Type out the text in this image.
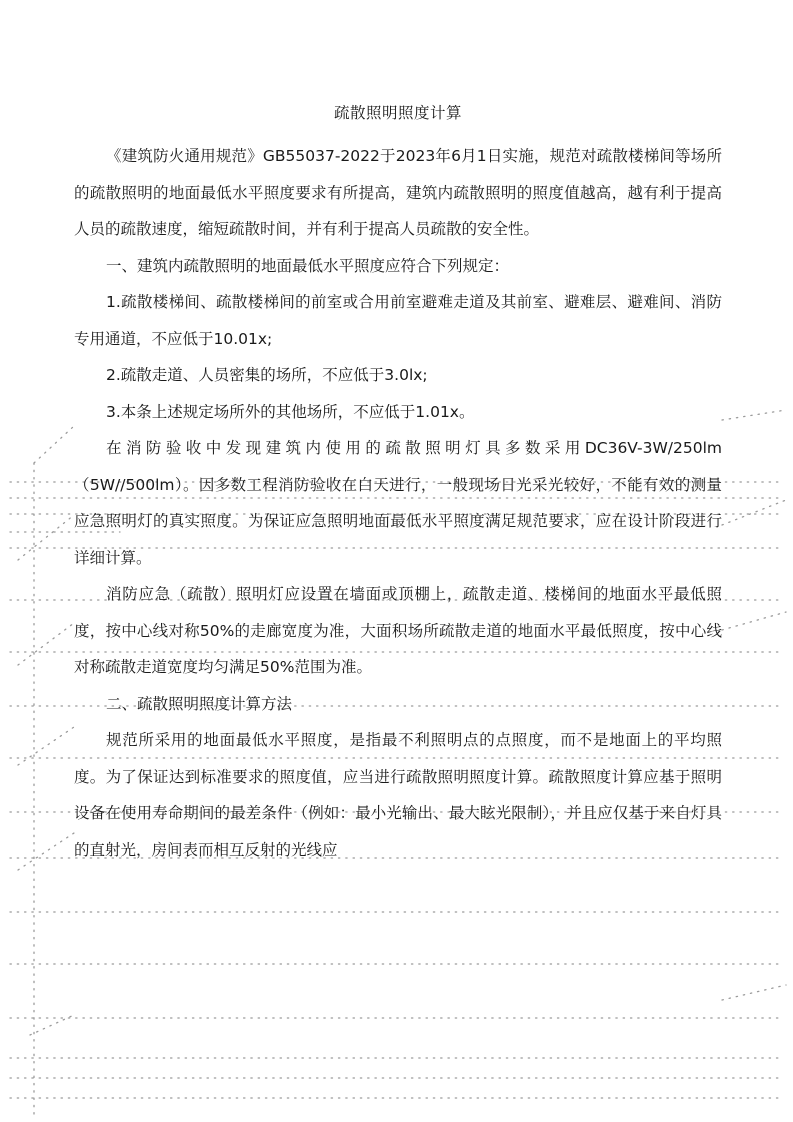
疏散照明照度计算

《建筑防火通用规范》GB55037-2022于2023年6月1日实施，规范对疏散楼梯间等场所的疏散照明的地面最低水平照度要求有所提高，建筑内疏散照明的照度值越高，越有利于提高人员的疏散速度，缩短疏散时间，并有利于提高人员疏散的安全性。

一、建筑内疏散照明的地面最低水平照度应符合下列规定：

1.疏散楼梯间、疏散楼梯间的前室或合用前室避难走道及其前室、避难层、避难间、消防专用通道，不应低于10.01x;

2.疏散走道、人员密集的场所，不应低于3.0lx;

3.本条上述规定场所外的其他场所，不应低于1.01x。

在消防验收中发现建筑内使用的疏散照明灯具多数采用DC36V-3W/250lm（5W//500lm）。因多数工程消防验收在白天进行，一般现场日光采光较好，不能有效的测量应急照明灯的真实照度。为保证应急照明地面最低水平照度满足规范要求，应在设计阶段进行详细计算。

消防应急（疏散）照明灯应设置在墙面或顶棚上，疏散走道、楼梯间的地面水平最低照度，按中心线对称50%的走廊宽度为准，大面积场所疏散走道的地面水平最低照度，按中心线对称疏散走道宽度均匀满足50%范围为准。

二、疏散照明照度计算方法

规范所采用的地面最低水平照度，是指最不利照明点的点照度，而不是地面上的平均照度。为了保证达到标准要求的照度值，应当进行疏散照明照度计算。疏散照度计算应基于照明设备在使用寿命期间的最差条件（例如：最小光输出、最大眩光限制），并且应仅基于来自灯具的直射光，房间表而相互反射的光线应
